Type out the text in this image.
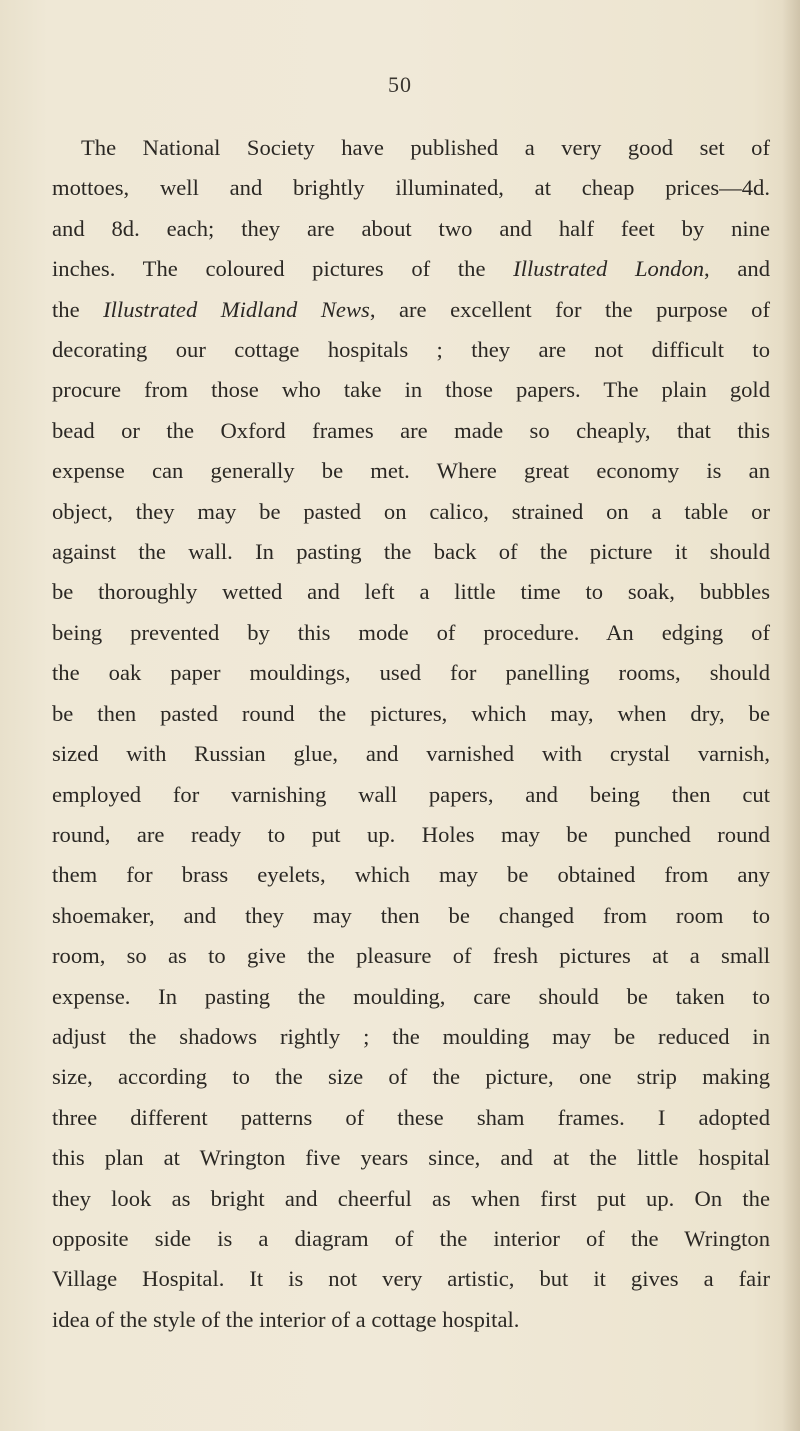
50
The National Society have published a very good set of
mottoes, well and brightly illuminated, at cheap prices—4d.
and 8d. each; they are about two and half feet by nine
inches. The coloured pictures of the Illustrated London, and
the Illustrated Midland News, are excellent for the purpose of
decorating our cottage hospitals ; they are not difficult to
procure from those who take in those papers. The plain gold
bead or the Oxford frames are made so cheaply, that this
expense can generally be met. Where great economy is an
object, they may be pasted on calico, strained on a table or
against the wall. In pasting the back of the picture it should
be thoroughly wetted and left a little time to soak, bubbles
being prevented by this mode of procedure. An edging of
the oak paper mouldings, used for panelling rooms, should
be then pasted round the pictures, which may, when dry, be
sized with Russian glue, and varnished with crystal varnish,
employed for varnishing wall papers, and being then cut
round, are ready to put up. Holes may be punched round
them for brass eyelets, which may be obtained from any
shoemaker, and they may then be changed from room to
room, so as to give the pleasure of fresh pictures at a small
expense. In pasting the moulding, care should be taken to
adjust the shadows rightly ; the moulding may be reduced in
size, according to the size of the picture, one strip making
three different patterns of these sham frames. I adopted
this plan at Wrington five years since, and at the little hospital
they look as bright and cheerful as when first put up. On the
opposite side is a diagram of the interior of the Wrington
Village Hospital. It is not very artistic, but it gives a fair
idea of the style of the interior of a cottage hospital.
